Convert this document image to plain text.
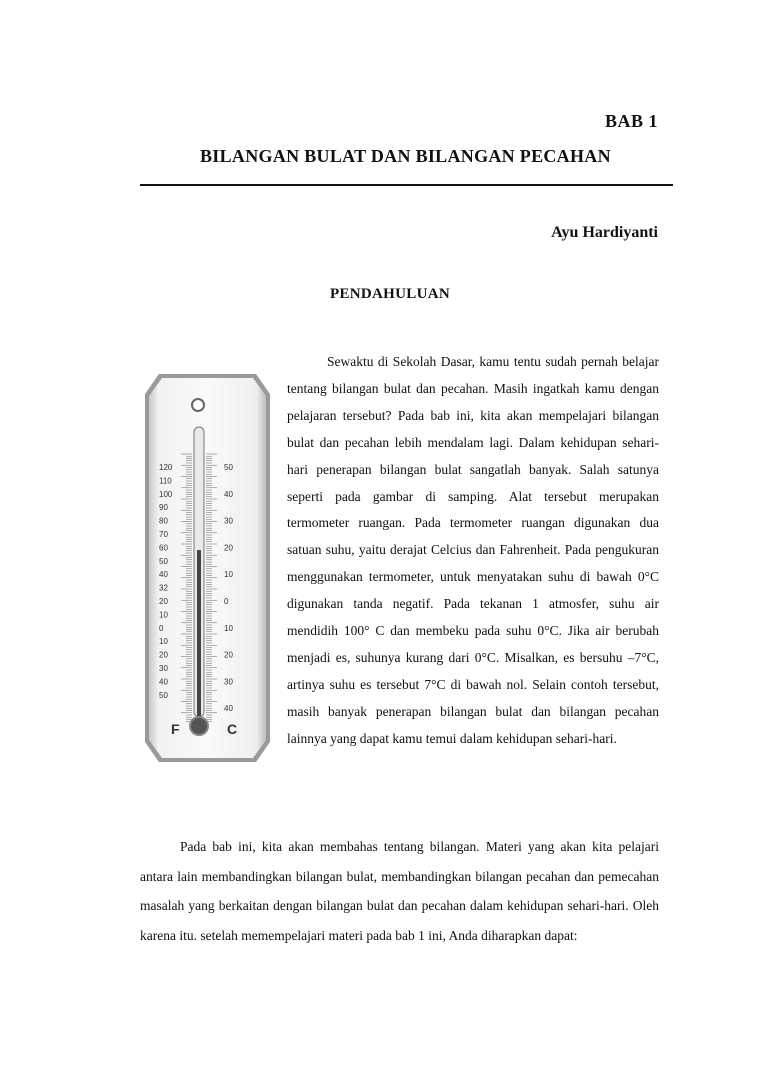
BAB 1
BILANGAN BULAT DAN BILANGAN PECAHAN
Ayu Hardiyanti
PENDAHULUAN
120
110
100
90
80
70
60
50
40
32
20
10
0
10
20
30
40
50
50
40
30
20
10
0
10
20
30
40
F	C
Sewaktu di Sekolah Dasar, kamu tentu sudah pernah belajar tentang bilangan bulat dan pecahan. Masih ingatkah kamu dengan pelajaran tersebut? Pada bab ini, kita akan mempelajari bilangan bulat dan pecahan lebih mendalam lagi. Dalam kehidupan sehari-hari penerapan bilangan bulat sangatlah banyak. Salah satunya seperti pada gambar di samping. Alat tersebut merupakan termometer ruangan. Pada termometer ruangan digunakan dua satuan suhu, yaitu derajat Celcius dan Fahrenheit. Pada pengukuran menggunakan termometer, untuk menyatakan suhu di bawah 0°C digunakan tanda negatif. Pada tekanan 1 atmosfer, suhu air mendidih 100° C dan membeku pada suhu 0°C. Jika air berubah menjadi es, suhunya kurang dari 0°C. Misalkan, es bersuhu –7°C, artinya suhu es tersebut 7°C di bawah nol. Selain contoh tersebut, masih banyak penerapan bilangan bulat dan bilangan pecahan lainnya yang dapat kamu temui dalam kehidupan sehari-hari.
Pada bab ini, kita akan membahas tentang bilangan. Materi yang akan kita pelajari antara lain membandingkan bilangan bulat, membandingkan bilangan pecahan dan pemecahan masalah yang berkaitan dengan bilangan bulat dan pecahan dalam kehidupan sehari-hari. Oleh karena itu. setelah memempelajari materi pada bab 1 ini, Anda diharapkan dapat:
